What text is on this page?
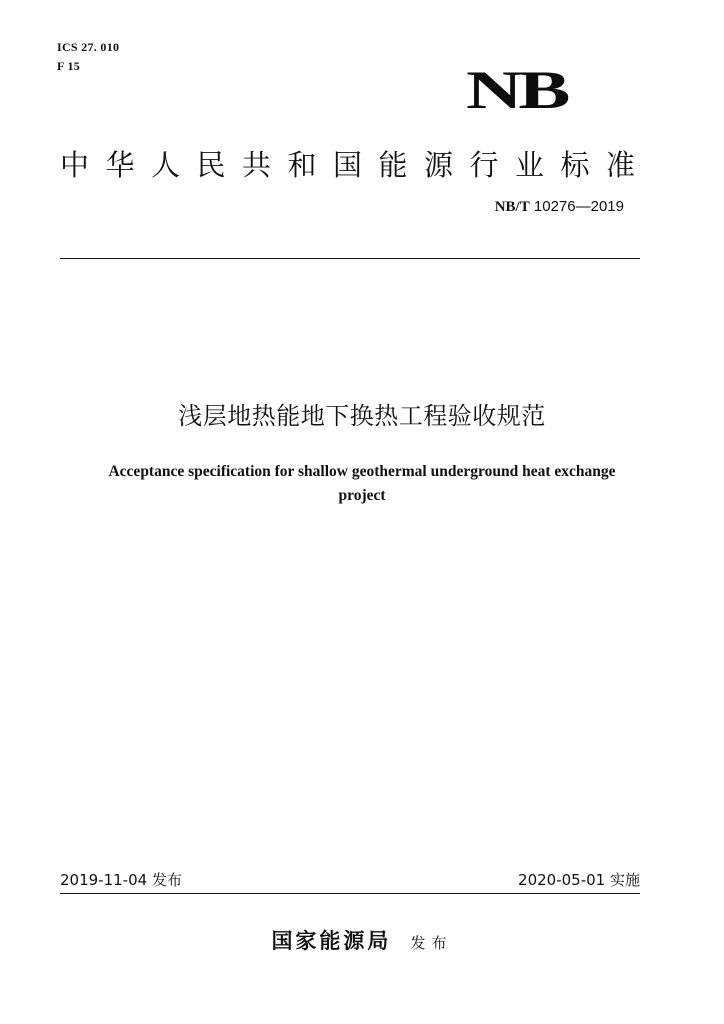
ICS 27. 010
F 15	NB
中华人民共和国能源行业标准
NB/T 10276—2019
浅层地热能地下换热工程验收规范
Acceptance specification for shallow geothermal underground heat exchange project
2019-11-04 发布	2020-05-01 实施
国家能源局 发布
